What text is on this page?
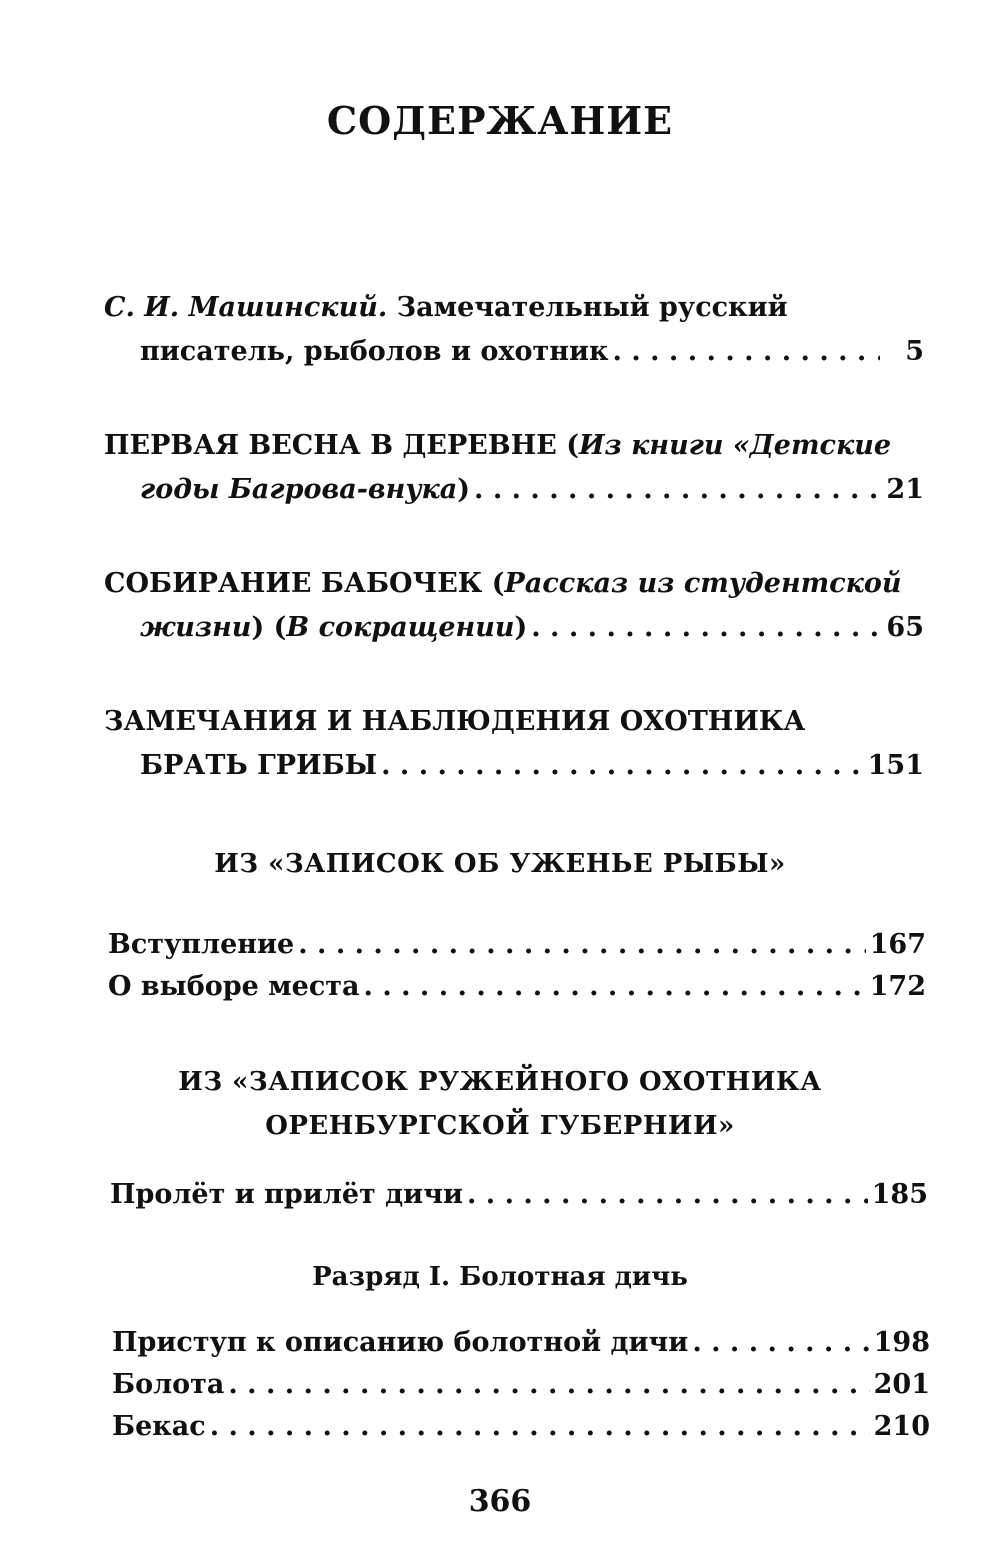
СОДЕРЖАНИЕ
С. И. Машинский. Замечательный русский
писатель, рыболов и охотник . . .	5
ПЕРВАЯ ВЕСНА В ДЕРЕВНЕ (Из книги «Детские
годы Багрова-внука) . . .	21
СОБИРАНИЕ БАБОЧЕК (Рассказ из студентской
жизни) (В сокращении) . . .	65
ЗАМЕЧАНИЯ И НАБЛЮДЕНИЯ ОХОТНИКА
БРАТЬ ГРИБЫ . . .	151
ИЗ «ЗАПИСОК ОБ УЖЕНЬЕ РЫБЫ»
Вступление . . .	167
О выборе места . . .	172
ИЗ «ЗАПИСОК РУЖЕЙНОГО ОХОТНИКА
ОРЕНБУРГСКОЙ ГУБЕРНИИ»
Пролёт и прилёт дичи . . .	185
Разряд I. Болотная дичь
Приступ к описанию болотной дичи . . .	198
Болота . . .	201
Бекас . . .	210
366
